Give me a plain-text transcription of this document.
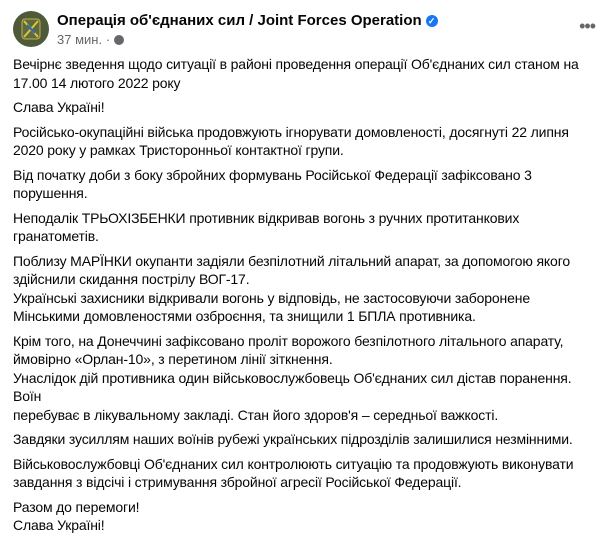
Операція об'єднаних сил / Joint Forces Operation ✓
37 мин. ·
•••

Вечірнє зведення щодо ситуації в районі проведення операції Об'єднаних сил станом на
17.00 14 лютого 2022 року

Слава Україні!

Російсько-окупаційні війська продовжують ігнорувати домовленості, досягнуті 22 липня
2020 року у рамках Тристоронньої контактної групи.

Від початку доби з боку збройних формувань Російської Федерації зафіксовано 3
порушення.

Неподалік ТРЬОХІЗБЕНКИ противник відкривав вогонь з ручних протитанкових
гранатометів.

Поблизу МАРЇНКИ окупанти задіяли безпілотний літальний апарат, за допомогою якого
здійснили скидання пострілу ВОГ-17.
Українські захисники відкривали вогонь у відповідь, не застосовуючи заборонене
Мінськими домовленостями озброєння, та знищили 1 БПЛА противника.

Крім того, на Донеччині зафіксовано проліт ворожого безпілотного літального апарату,
ймовірно «Орлан-10», з перетином лінії зіткнення.
Унаслідок дій противника один військовослужбовець Об'єднаних сил дістав поранення. Воїн
перебуває в лікувальному закладі. Стан його здоров'я – середньої важкості.

Завдяки зусиллям наших воїнів рубежі українських підрозділів залишилися незмінними.

Військовослужбовці Об'єднаних сил контролюють ситуацію та продовжують виконувати
завдання з відсічі і стримування збройної агресії Російської Федерації.

Разом до перемоги!
Слава Україні!
